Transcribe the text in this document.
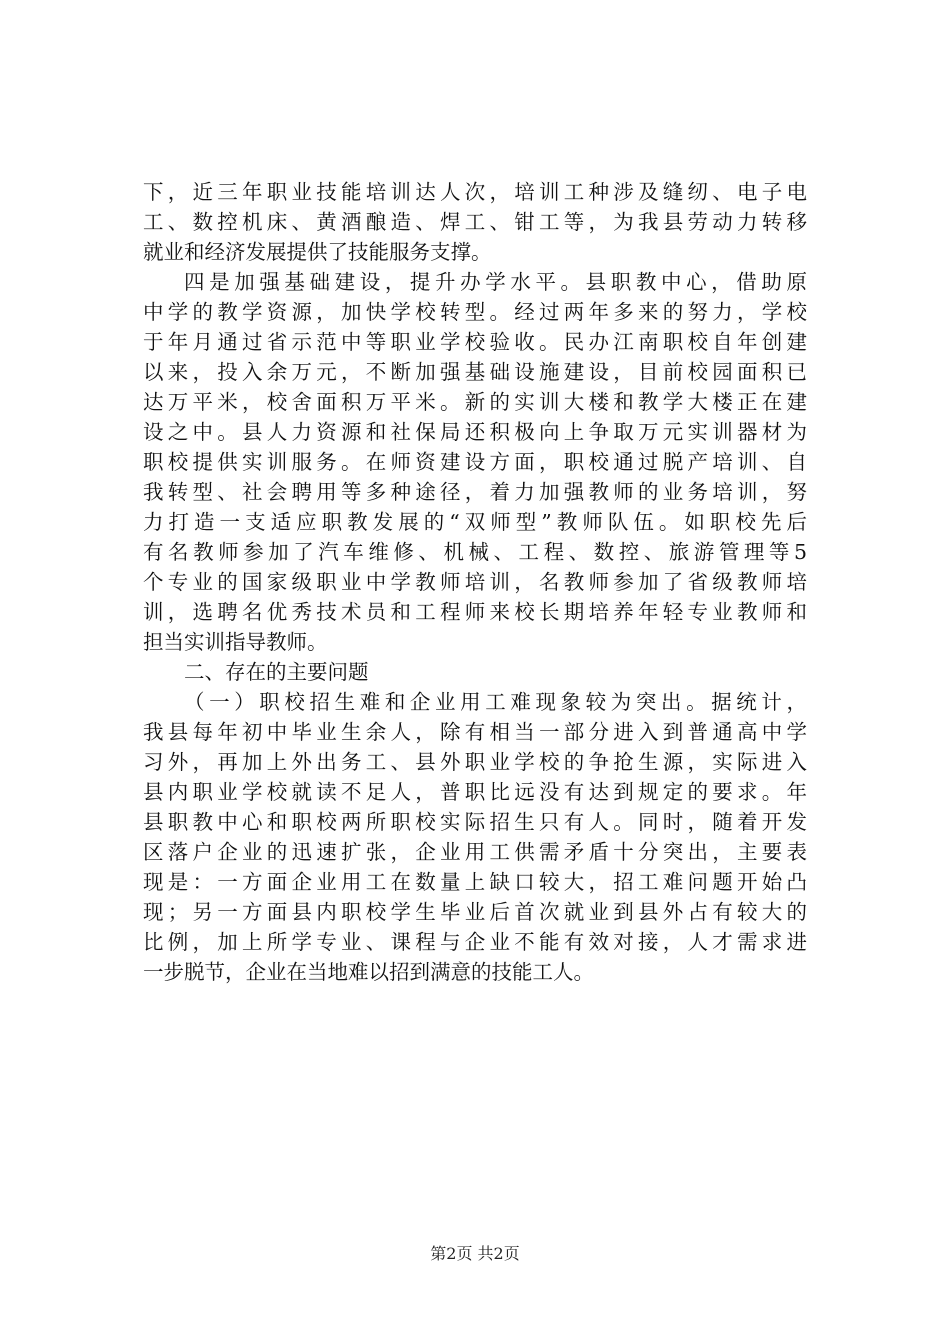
下，近三年职业技能培训达人次，培训工种涉及缝纫、电子电
工、数控机床、黄酒酿造、焊工、钳工等，为我县劳动力转移
就业和经济发展提供了技能服务支撑。
四是加强基础建设，提升办学水平。县职教中心，借助原
中学的教学资源，加快学校转型。经过两年多来的努力，学校
于年月通过省示范中等职业学校验收。民办江南职校自年创建
以来，投入余万元，不断加强基础设施建设，目前校园面积已
达万平米，校舍面积万平米。新的实训大楼和教学大楼正在建
设之中。县人力资源和社保局还积极向上争取万元实训器材为
职校提供实训服务。在师资建设方面，职校通过脱产培训、自
我转型、社会聘用等多种途径，着力加强教师的业务培训，努
力打造一支适应职教发展的“双师型”教师队伍。如职校先后
有名教师参加了汽车维修、机械、工程、数控、旅游管理等5
个专业的国家级职业中学教师培训，名教师参加了省级教师培
训，选聘名优秀技术员和工程师来校长期培养年轻专业教师和
担当实训指导教师。
二、存在的主要问题
（一）职校招生难和企业用工难现象较为突出。据统计，
我县每年初中毕业生余人，除有相当一部分进入到普通高中学
习外，再加上外出务工、县外职业学校的争抢生源，实际进入
县内职业学校就读不足人，普职比远没有达到规定的要求。年
县职教中心和职校两所职校实际招生只有人。同时，随着开发
区落户企业的迅速扩张，企业用工供需矛盾十分突出，主要表
现是：一方面企业用工在数量上缺口较大，招工难问题开始凸
现；另一方面县内职校学生毕业后首次就业到县外占有较大的
比例，加上所学专业、课程与企业不能有效对接，人才需求进
一步脱节，企业在当地难以招到满意的技能工人。
第2页 共2页
